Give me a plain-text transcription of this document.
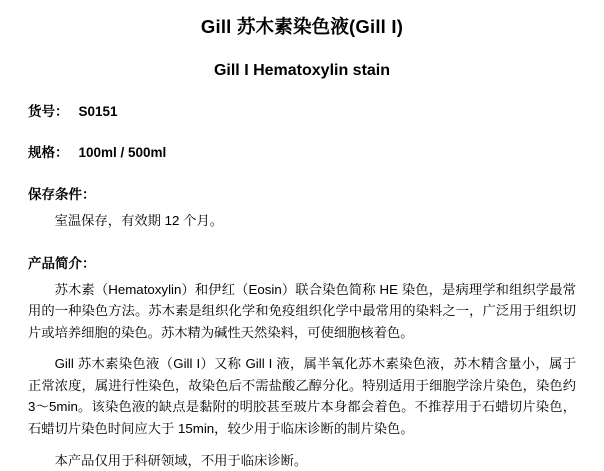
Gill 苏木素染色液(Gill I)
Gill I Hematoxylin stain
货号： S0151
规格： 100ml / 500ml
保存条件：
室温保存，有效期 12 个月。
产品简介：
苏木素（Hematoxylin）和伊红（Eosin）联合染色简称 HE 染色，是病理学和组织学最常用的一种染色方法。苏木素是组织化学和免疫组织化学中最常用的染料之一，广泛用于组织切片或培养细胞的染色。苏木精为碱性天然染料，可使细胞核着色。
Gill 苏木素染色液（Gill I）又称 Gill I 液，属半氧化苏木素染色液，苏木精含量小，属于正常浓度，属进行性染色，故染色后不需盐酸乙醇分化。特别适用于细胞学涂片染色，染色约 3～5min。该染色液的缺点是黏附的明胶甚至玻片本身都会着色。不推荐用于石蜡切片染色，石蜡切片染色时间应大于 15min，较少用于临床诊断的制片染色。
本产品仅用于科研领域，不用于临床诊断。
